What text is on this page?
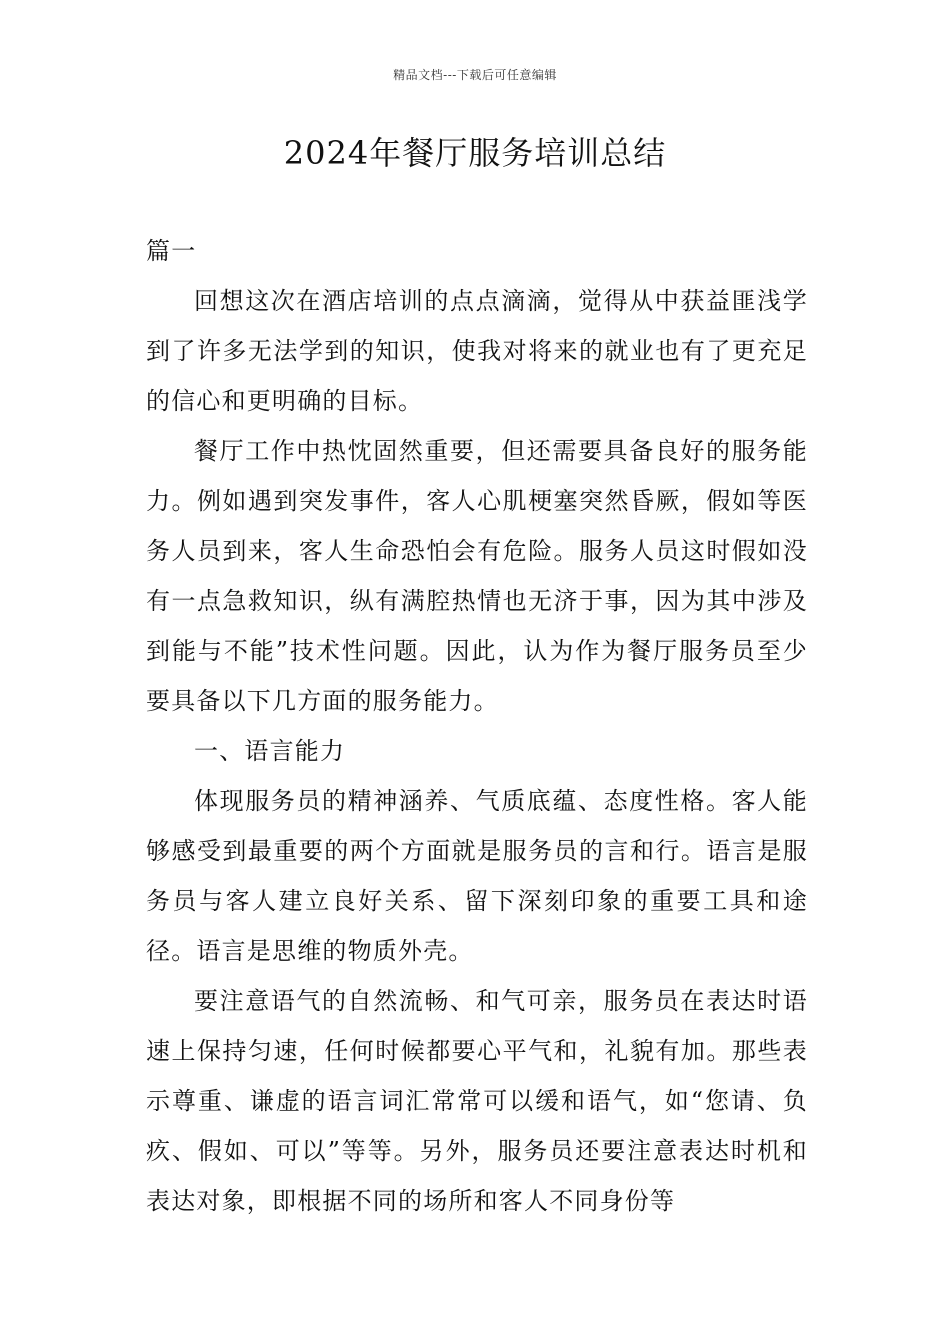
精品文档---下载后可任意编辑
2024年餐厅服务培训总结

篇一

回想这次在酒店培训的点点滴滴，觉得从中获益匪浅学到了许多无法学到的知识，使我对将来的就业也有了更充足的信心和更明确的目标。

餐厅工作中热忱固然重要，但还需要具备良好的服务能力。例如遇到突发事件，客人心肌梗塞突然昏厥，假如等医务人员到来，客人生命恐怕会有危险。服务人员这时假如没有一点急救知识，纵有满腔热情也无济于事，因为其中涉及到能与不能”技术性问题。因此，认为作为餐厅服务员至少要具备以下几方面的服务能力。

一、语言能力

体现服务员的精神涵养、气质底蕴、态度性格。客人能够感受到最重要的两个方面就是服务员的言和行。语言是服务员与客人建立良好关系、留下深刻印象的重要工具和途径。语言是思维的物质外壳。

要注意语气的自然流畅、和气可亲，服务员在表达时语速上保持匀速，任何时候都要心平气和，礼貌有加。那些表示尊重、谦虚的语言词汇常常可以缓和语气，如“您请、负疚、假如、可以”等等。另外，服务员还要注意表达时机和表达对象，即根据不同的场所和客人不同身份等
